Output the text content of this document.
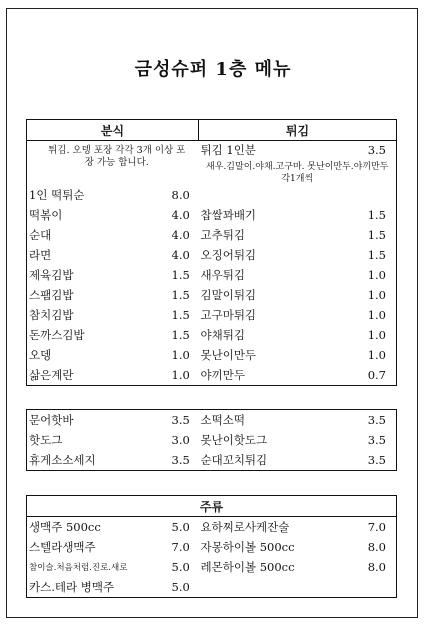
금성슈퍼 1층 메뉴
분식		튀김	
튀김. 오뎅 포장 각각 3개 이상 포장 가능 합니다.		튀김 1인분	3.5
		새우.김말이.야채.고구마. 못난이만두.야끼만두 각1개씩	
1인 떡튀순	8.0		
떡볶이	4.0	찹쌀꽈배기	1.5
순대	4.0	고추튀김	1.5
라면	4.0	오징어튀김	1.5
제육김밥	1.5	새우튀김	1.0
스팸김밥	1.5	김말이튀김	1.0
참치김밥	1.5	고구마튀김	1.0
돈까스김밥	1.5	야채튀김	1.0
오뎅	1.0	못난이만두	1.0
삶은계란	1.0	야끼만두	0.7
문어핫바	3.5	소떡소떡	3.5
핫도그	3.0	못난이핫도그	3.5
휴게소소세지	3.5	순대꼬치튀김	3.5
주류			
생맥주 500cc	5.0	요하찌로사케잔술	7.0
스텔라생맥주	7.0	자몽하이볼 500cc	8.0
참이슬.처음처럼.진로.새로	5.0	레몬하이볼 500cc	8.0
카스.테라 병맥주	5.0		
